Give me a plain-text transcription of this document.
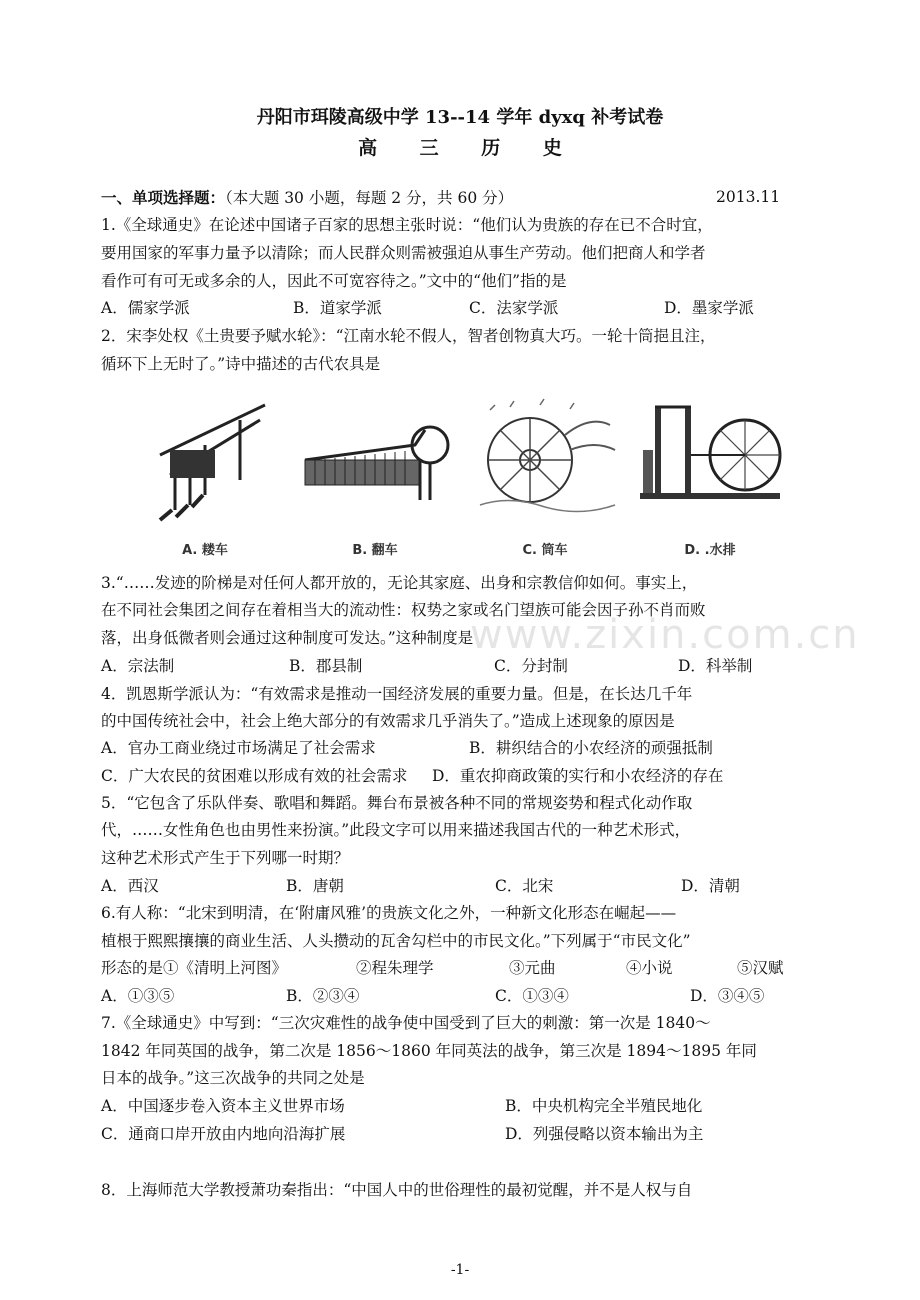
丹阳市珥陵高级中学 13--14 学年 dyxq 补考试卷
高 三 历 史
一、单项选择题：（本大题 30 小题，每题 2 分，共 60 分）	2013.11
1.《全球通史》在论述中国诸子百家的思想主张时说：“他们认为贵族的存在已不合时宜，
要用国家的军事力量予以清除；而人民群众则需被强迫从事生产劳动。他们把商人和学者
看作可有可无或多余的人，因此不可宽容待之。”文中的“他们”指的是
A．儒家学派	B．道家学派	C．法家学派	D．墨家学派
2．宋李处权《土贵要予赋水轮》：“江南水轮不假人，智者创物真大巧。一轮十筒挹且注，
循环下上无时了。”诗中描述的古代农具是
A. 耧车	B. 翻车	C. 筒车	D. .水排
3.“……发迹的阶梯是对任何人都开放的，无论其家庭、出身和宗教信仰如何。事实上，
在不同社会集团之间存在着相当大的流动性：权势之家或名门望族可能会因子孙不肖而败
落，出身低微者则会通过这种制度可发达。”这种制度是
A．宗法制	B．郡县制	C．分封制	D．科举制
www.zixin.com.cn
4．凯恩斯学派认为：“有效需求是推动一国经济发展的重要力量。但是，在长达几千年
的中国传统社会中，社会上绝大部分的有效需求几乎消失了。”造成上述现象的原因是
A．官办工商业绕过市场满足了社会需求	B．耕织结合的小农经济的顽强抵制
C．广大农民的贫困难以形成有效的社会需求 D．重农抑商政策的实行和小农经济的存在
5．“它包含了乐队伴奏、歌唱和舞蹈。舞台布景被各种不同的常规姿势和程式化动作取
代，……女性角色也由男性来扮演。”此段文字可以用来描述我国古代的一种艺术形式，
这种艺术形式产生于下列哪一时期？
A．西汉	B．唐朝	C．北宋	D．清朝
6.有人称：“北宋到明清，在‘附庸风雅’的贵族文化之外，一种新文化形态在崛起——
植根于熙熙攘攘的商业生活、人头攒动的瓦舍勾栏中的市民文化。”下列属于“市民文化”
形态的是①《清明上河图》	②程朱理学	③元曲	④小说	⑤汉赋
A．①③⑤	B．②③④	C．①③④	D．③④⑤
7.《全球通史》中写到：“三次灾难性的战争使中国受到了巨大的刺激：第一次是 1840～
1842 年同英国的战争，第二次是 1856～1860 年同英法的战争，第三次是 1894～1895 年同
日本的战争。”这三次战争的共同之处是
A．中国逐步卷入资本主义世界市场	B．中央机构完全半殖民地化
C．通商口岸开放由内地向沿海扩展	D．列强侵略以资本输出为主
8．上海师范大学教授萧功秦指出：“中国人中的世俗理性的最初觉醒，并不是人权与自
-1-
